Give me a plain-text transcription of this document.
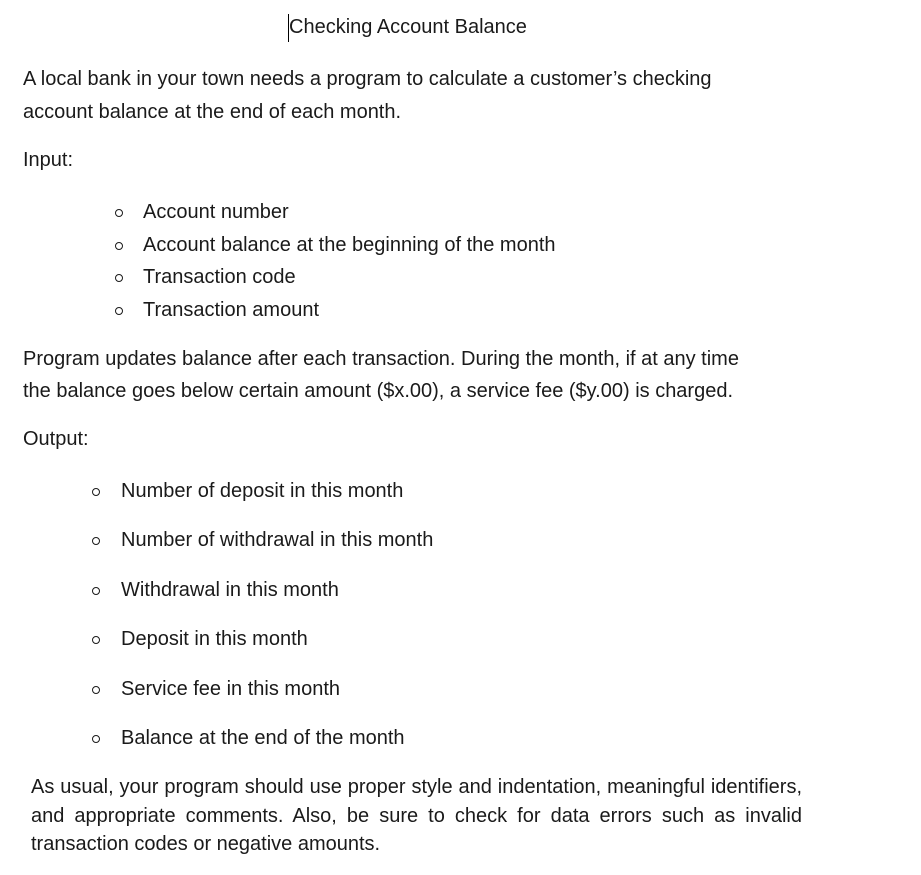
Checking Account Balance
A local bank in your town needs a program to calculate a customer’s checking
account balance at the end of each month.
Input:
Account number
Account balance at the beginning of the month
Transaction code
Transaction amount
Program updates balance after each transaction. During the month, if at any time
the balance goes below certain amount ($x.00), a service fee ($y.00) is charged.
Output:
Number of deposit in this month
Number of withdrawal in this month
Withdrawal in this month
Deposit in this month
Service fee in this month
Balance at the end of the month
As usual, your program should use proper style and indentation, meaningful identifiers, and appropriate comments. Also, be sure to check for data errors such as invalid transaction codes or negative amounts.
